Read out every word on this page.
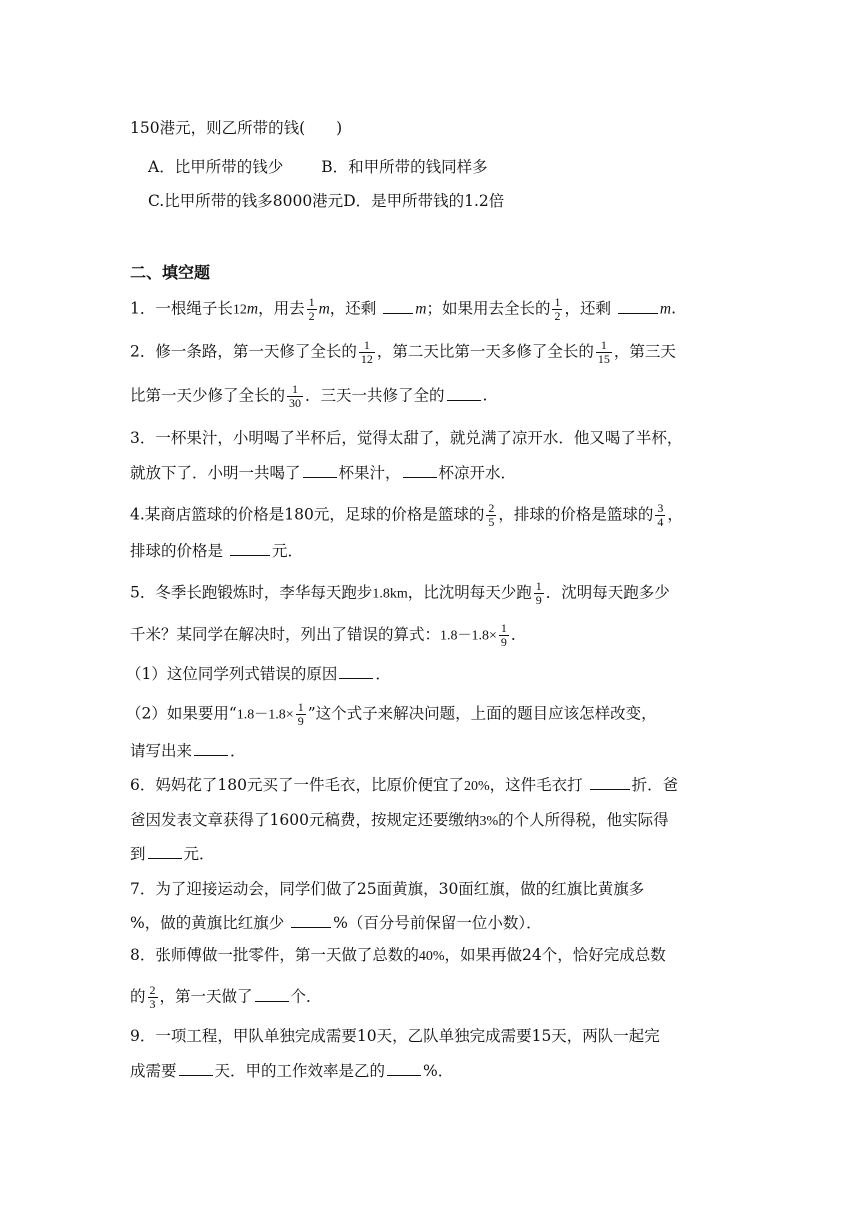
150港元，则乙所带的钱(　　)
A．比甲所带的钱少 B．和甲所带的钱同样多
C.比甲所带的钱多8000港元D．是甲所带钱的1.2倍
二、填空题
1．一根绳子长12m，用去 $\frac{1}{2}$ m，还剩	m；如果用去全长的 $\frac{1}{2}$ ，还剩	m.
2．修一条路，第一天修了全长的 $\frac{1}{12}$ ，第二天比第一天多修了全长的 $\frac{1}{15}$ ，第三天
比第一天少修了全长的 $\frac{1}{30}$ ．三天一共修了全的 .
3．一杯果汁，小明喝了半杯后，觉得太甜了，就兑满了凉开水．他又喝了半杯，
就放下了．小明一共喝了 杯果汁， 杯凉开水．
4.某商店篮球的价格是180元，足球的价格是篮球的 $\frac{2}{5}$ ，排球的价格是篮球的 $\frac{3}{4}$ ，
排球的价格是	元．
5．冬季长跑锻炼时，李华每天跑步1.8km，比沈明每天少跑 $\frac{1}{9}$ ．沈明每天跑多少
千米？某同学在解决时，列出了错误的算式：$1.8-1.8\times \frac{1}{9}$ ．
（1）这位同学列式错误的原因 ．
（2）如果要用“$1.8-1.8\times \frac{1}{9}$ ”这个式子来解决问题，上面的题目应该怎样改变，
请写出来 ．
6．妈妈花了180元买了一件毛衣，比原价便宜了20%，这件毛衣打	折．爸
爸因发表文章获得了1600元稿费，按规定还要缴纳3%的个人所得税，他实际得
到 元．
7．为了迎接运动会，同学们做了25面黄旗，30面红旗，做的红旗比黄旗多
%，做的黄旗比红旗少	%（百分号前保留一位小数）．
8．张师傅做一批零件，第一天做了总数的40%，如果再做24个，恰好完成总数
的 $\frac{2}{3}$ ，第一天做了 个．
9．一项工程，甲队单独完成需要10天，乙队单独完成需要15天，两队一起完
成需要 天．甲的工作效率是乙的 %．
